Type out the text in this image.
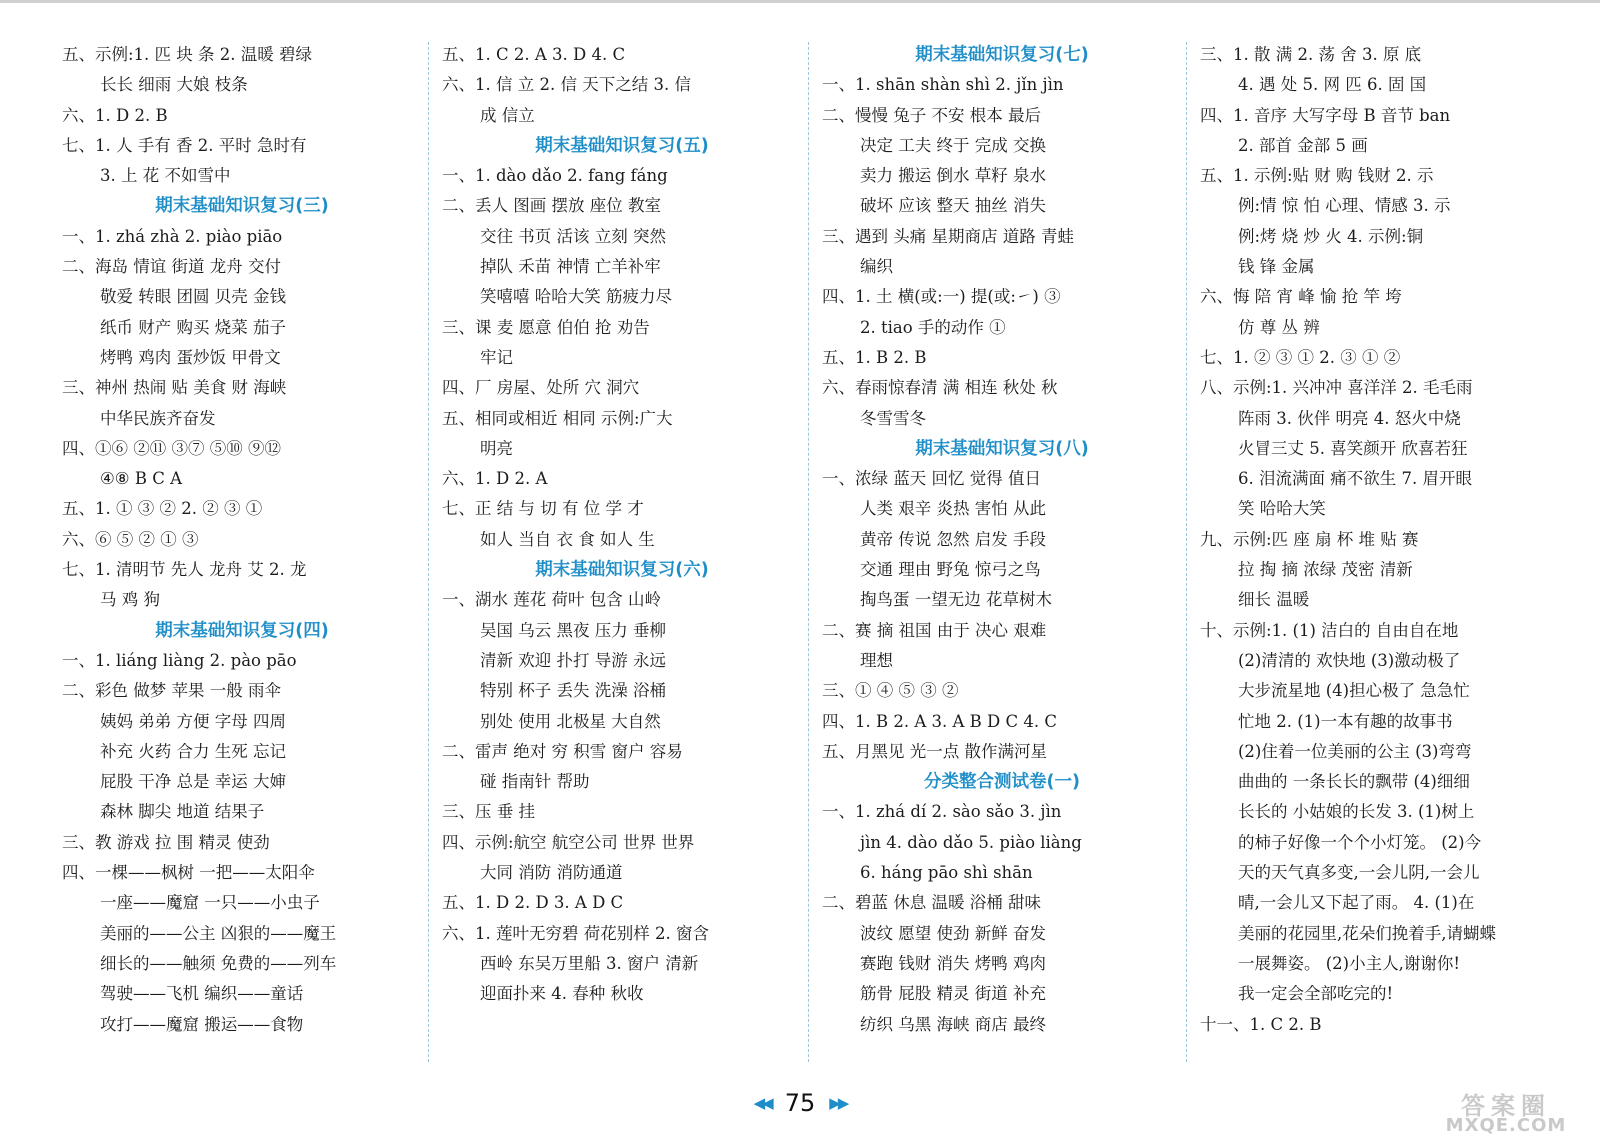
五、示例:1. 匹 块 条 2. 温暖 碧绿
长长 细雨 大娘 枝条
六、1. D 2. B
七、1. 人 手有 香 2. 平时 急时有
3. 上 花 不如雪中
期末基础知识复习(三)
一、1. zhá zhà 2. piào piāo
二、海岛 情谊 街道 龙舟 交付
敬爱 转眼 团圆 贝壳 金钱
纸币 财产 购买 烧菜 茄子
烤鸭 鸡肉 蛋炒饭 甲骨文
三、神州 热闹 贴 美食 财 海峡
中华民族齐奋发
四、①⑥ ②⑪ ③⑦ ⑤⑩ ⑨⑫
④⑧ B C A
五、1. ① ③ ② 2. ② ③ ①
六、⑥ ⑤ ② ① ③
七、1. 清明节 先人 龙舟 艾 2. 龙
马 鸡 狗
期末基础知识复习(四)
一、1. liáng liàng 2. pào pāo
二、彩色 做梦 苹果 一般 雨伞
姨妈 弟弟 方便 字母 四周
补充 火药 合力 生死 忘记
屁股 干净 总是 幸运 大婶
森林 脚尖 地道 结果子
三、教 游戏 拉 围 精灵 使劲
四、一棵——枫树 一把——太阳伞
一座——魔窟 一只——小虫子
美丽的——公主 凶狠的——魔王
细长的——触须 免费的——列车
驾驶——飞机 编织——童话
攻打——魔窟 搬运——食物
五、1. C 2. A 3. D 4. C
六、1. 信 立 2. 信 天下之结 3. 信
成 信立
期末基础知识复习(五)
一、1. dào dǎo 2. fang fáng
二、丢人 图画 摆放 座位 教室
交往 书页 活该 立刻 突然
掉队 禾苗 神情 亡羊补牢
笑嘻嘻 哈哈大笑 筋疲力尽
三、课 麦 愿意 伯伯 抢 劝告
牢记
四、厂 房屋、处所 穴 洞穴
五、相同或相近 相同 示例:广大
明亮
六、1. D 2. A
七、正 结 与 切 有 位 学 才
如人 当自 衣 食 如人 生
期末基础知识复习(六)
一、湖水 莲花 荷叶 包含 山岭
吴国 乌云 黑夜 压力 垂柳
清新 欢迎 扑打 导游 永远
特别 杯子 丢失 洗澡 浴桶
别处 使用 北极星 大自然
二、雷声 绝对 穷 积雪 窗户 容易
碰 指南针 帮助
三、压 垂 挂
四、示例:航空 航空公司 世界 世界
大同 消防 消防通道
五、1. D 2. D 3. A D C
六、1. 莲叶无穷碧 荷花别样 2. 窗含
西岭 东吴万里船 3. 窗户 清新
迎面扑来 4. 春种 秋收
期末基础知识复习(七)
一、1. shān shàn shì 2. jǐn jìn
二、慢慢 兔子 不安 根本 最后
决定 工夫 终于 完成 交换
卖力 搬运 倒水 草籽 泉水
破坏 应该 整天 抽丝 消失
三、遇到 头痛 星期商店 道路 青蛙
编织
四、1. 土 横(或:一) 提(或:㇀) ③
2. tiao 手的动作 ①
五、1. B 2. B
六、春雨惊春清 满 相连 秋处 秋
冬雪雪冬
期末基础知识复习(八)
一、浓绿 蓝天 回忆 觉得 值日
人类 艰辛 炎热 害怕 从此
黄帝 传说 忽然 启发 手段
交通 理由 野兔 惊弓之鸟
掏鸟蛋 一望无边 花草树木
二、赛 摘 祖国 由于 决心 艰难
理想
三、① ④ ⑤ ③ ②
四、1. B 2. A 3. A B D C 4. C
五、月黑见 光一点 散作满河星
分类整合测试卷(一)
一、1. zhá dí 2. sào sǎo 3. jìn
jìn 4. dào dǎo 5. piào liàng
6. háng pāo shì shān
二、碧蓝 休息 温暖 浴桶 甜味
波纹 愿望 使劲 新鲜 奋发
赛跑 钱财 消失 烤鸭 鸡肉
筋骨 屁股 精灵 街道 补充
纺织 乌黑 海峡 商店 最终
三、1. 散 满 2. 荡 舍 3. 原 底
4. 遇 处 5. 网 匹 6. 固 国
四、1. 音序 大写字母 B 音节 ban
2. 部首 金部 5 画
五、1. 示例:贴 财 购 钱财 2. 示
例:情 惊 怕 心理、情感 3. 示
例:烤 烧 炒 火 4. 示例:铜
钱 锋 金属
六、悔 陪 宵 峰 愉 抢 竿 垮
仿 尊 丛 辨
七、1. ② ③ ① 2. ③ ① ②
八、示例:1. 兴冲冲 喜洋洋 2. 毛毛雨
阵雨 3. 伙伴 明亮 4. 怒火中烧
火冒三丈 5. 喜笑颜开 欣喜若狂
6. 泪流满面 痛不欲生 7. 眉开眼
笑 哈哈大笑
九、示例:匹 座 扇 杯 堆 贴 赛
拉 掏 摘 浓绿 茂密 清新
细长 温暖
十、示例:1. (1) 洁白的 自由自在地
(2)清清的 欢快地 (3)激动极了
大步流星地 (4)担心极了 急急忙
忙地 2. (1)一本有趣的故事书
(2)住着一位美丽的公主 (3)弯弯
曲曲的 一条长长的飘带 (4)细细
长长的 小姑娘的长发 3. (1)树上
的柿子好像一个个小灯笼。 (2)今
天的天气真多变,一会儿阴,一会儿
晴,一会儿又下起了雨。 4. (1)在
美丽的花园里,花朵们挽着手,请蝴蝶
一展舞姿。 (2)小主人,谢谢你!
我一定会全部吃完的!
十一、1. C 2. B
◀◀ 75 ▶▶	答案圈
MXQE.COM
